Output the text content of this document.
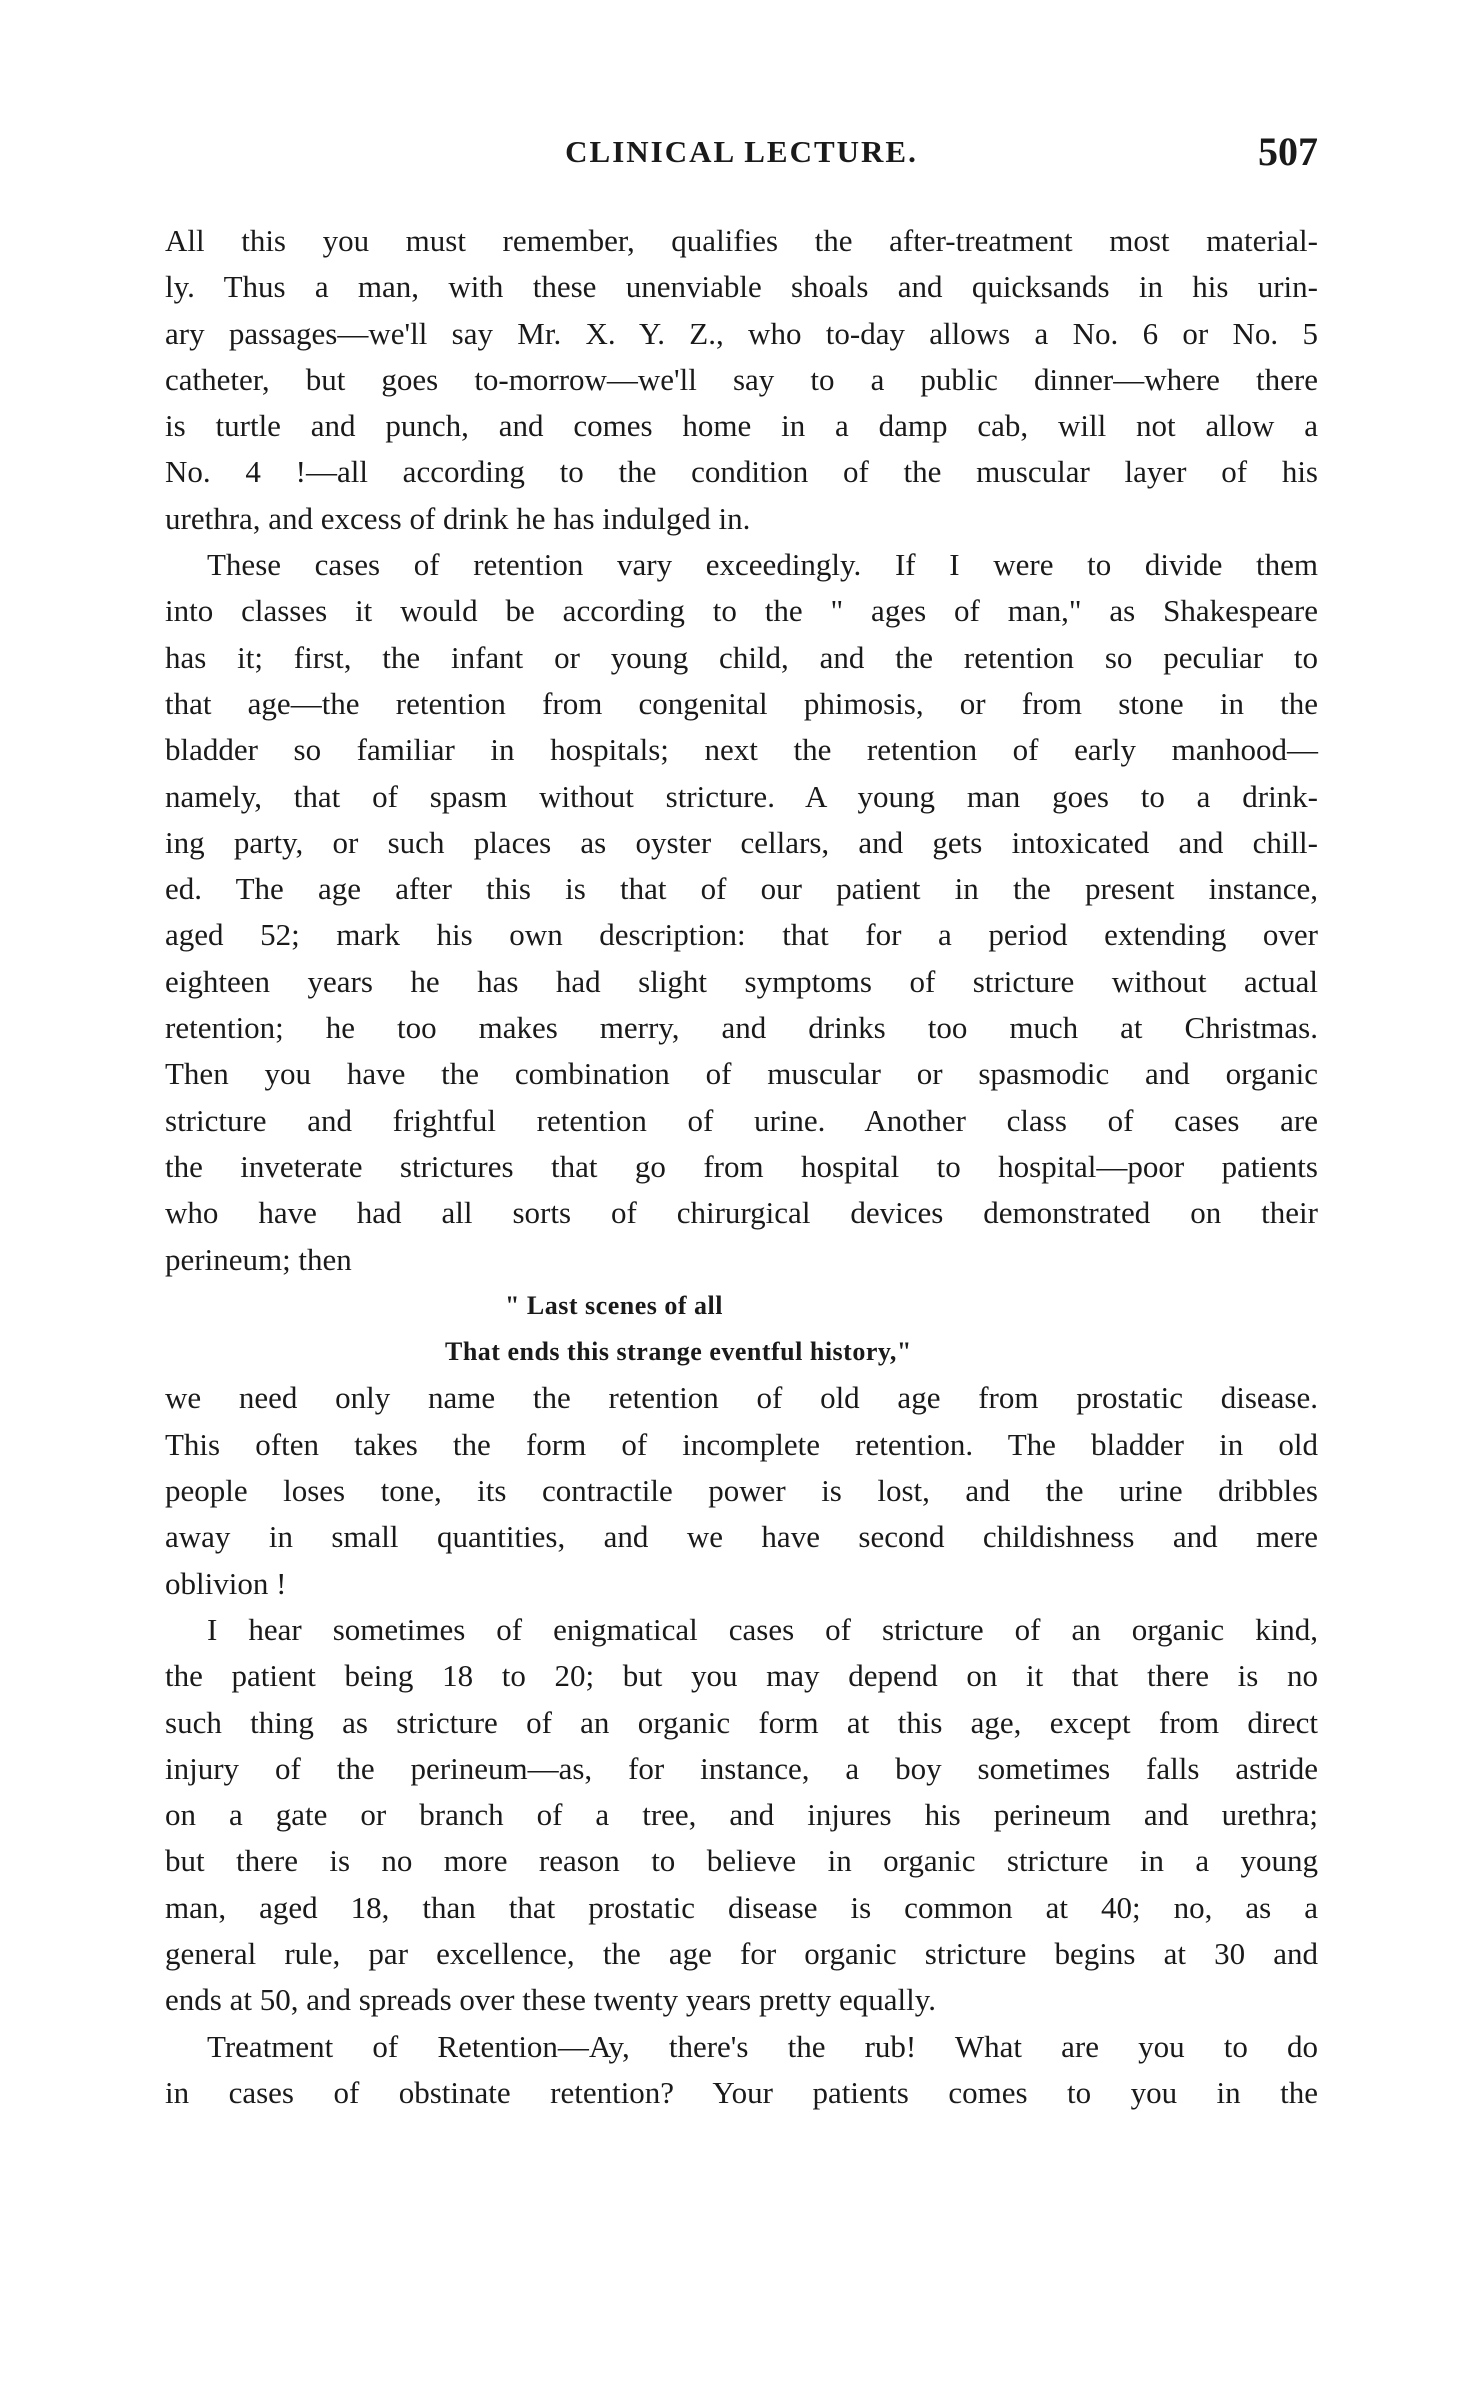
CLINICAL LECTURE.	507
All this you must remember, qualifies the after-treatment most material-
ly. Thus a man, with these unenviable shoals and quicksands in his urin-
ary passages—we'll say Mr. X. Y. Z., who to-day allows a No. 6 or No. 5
catheter, but goes to-morrow—we'll say to a public dinner—where there
is turtle and punch, and comes home in a damp cab, will not allow a
No. 4 !—all according to the condition of the muscular layer of his
urethra, and excess of drink he has indulged in.
These cases of retention vary exceedingly. If I were to divide them
into classes it would be according to the " ages of man," as Shakespeare
has it; first, the infant or young child, and the retention so peculiar to
that age—the retention from congenital phimosis, or from stone in the
bladder so familiar in hospitals; next the retention of early manhood—
namely, that of spasm without stricture. A young man goes to a drink-
ing party, or such places as oyster cellars, and gets intoxicated and chill-
ed. The age after this is that of our patient in the present instance,
aged 52; mark his own description: that for a period extending over
eighteen years he has had slight symptoms of stricture without actual
retention; he too makes merry, and drinks too much at Christmas.
Then you have the combination of muscular or spasmodic and organic
stricture and frightful retention of urine. Another class of cases are
the inveterate strictures that go from hospital to hospital—poor patients
who have had all sorts of chirurgical devices demonstrated on their
perineum; then
" Last scenes of all
That ends this strange eventful history,"
we need only name the retention of old age from prostatic disease.
This often takes the form of incomplete retention. The bladder in old
people loses tone, its contractile power is lost, and the urine dribbles
away in small quantities, and we have second childishness and mere
oblivion !
I hear sometimes of enigmatical cases of stricture of an organic kind,
the patient being 18 to 20; but you may depend on it that there is no
such thing as stricture of an organic form at this age, except from direct
injury of the perineum—as, for instance, a boy sometimes falls astride
on a gate or branch of a tree, and injures his perineum and urethra;
but there is no more reason to believe in organic stricture in a young
man, aged 18, than that prostatic disease is common at 40; no, as a
general rule, par excellence, the age for organic stricture begins at 30 and
ends at 50, and spreads over these twenty years pretty equally.
Treatment of Retention—Ay, there's the rub! What are you to do
in cases of obstinate retention? Your patients comes to you in the
